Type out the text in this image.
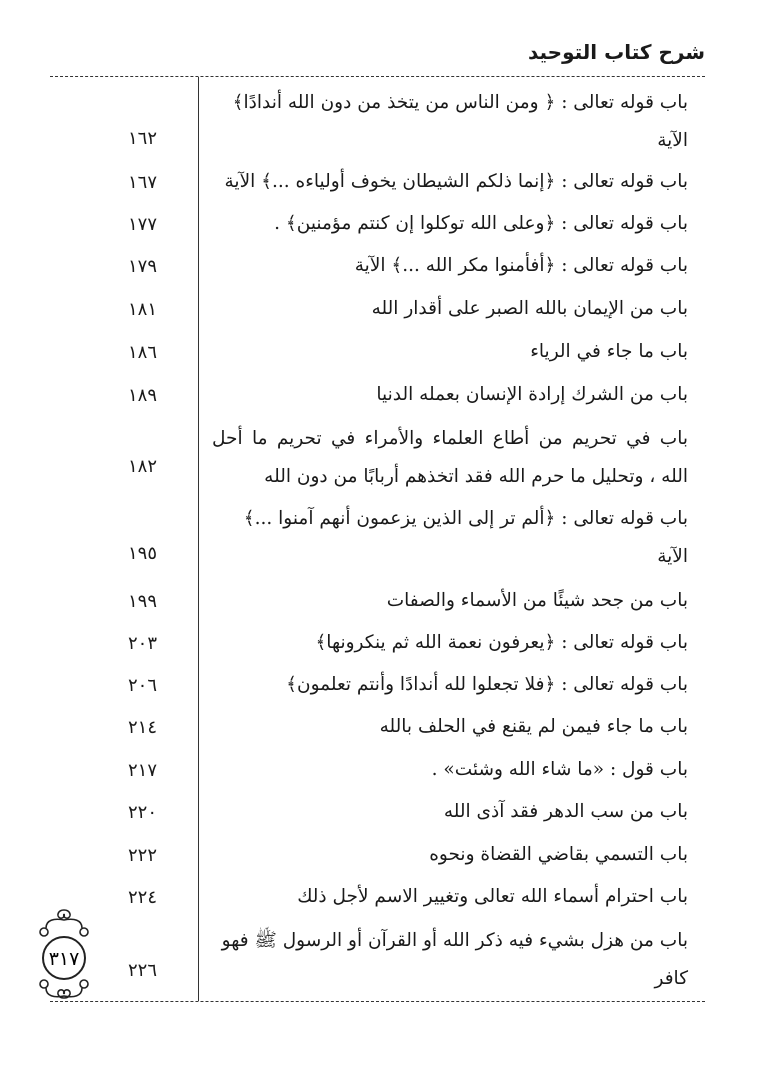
شرح كتاب التوحيد
باب قوله تعالى : ﴿ ومن الناس من يتخذ من دون الله أندادًا﴾
الآية
١٦٢
باب قوله تعالى : ﴿إنما ذلكم الشيطان يخوف أولياءه ...﴾ الآية
١٦٧
باب قوله تعالى : ﴿وعلى الله توكلوا إن كنتم مؤمنين﴾ .
١٧٧
باب قوله تعالى : ﴿أفأمنوا مكر الله ...﴾ الآية
١٧٩
باب من الإيمان بالله الصبر على أقدار الله
١٨١
باب ما جاء في الرياء
١٨٦
باب من الشرك إرادة الإنسان بعمله الدنيا
١٨٩
باب في تحريم من أطاع العلماء والأمراء في تحريم ما أحل
الله ، وتحليل ما حرم الله فقد اتخذهم أربابًا من دون الله
١٨٢
باب قوله تعالى : ﴿ألم تر إلى الذين يزعمون أنهم آمنوا ...﴾
الآية
١٩٥
باب من جحد شيئًا من الأسماء والصفات
١٩٩
باب قوله تعالى : ﴿يعرفون نعمة الله ثم ينكرونها﴾
٢٠٣
باب قوله تعالى : ﴿فلا تجعلوا لله أندادًا وأنتم تعلمون﴾
٢٠٦
باب ما جاء فيمن لم يقنع في الحلف بالله
٢١٤
باب قول : «ما شاء الله وشئت» .
٢١٧
باب من سب الدهر فقد آذى الله
٢٢٠
باب التسمي بقاضي القضاة ونحوه
٢٢٢
باب احترام أسماء الله تعالى وتغيير الاسم لأجل ذلك
٢٢٤
باب من هزل بشيء فيه ذكر الله أو القرآن أو الرسول ﷺ فهو
كافر
٢٢٦
٣١٧
